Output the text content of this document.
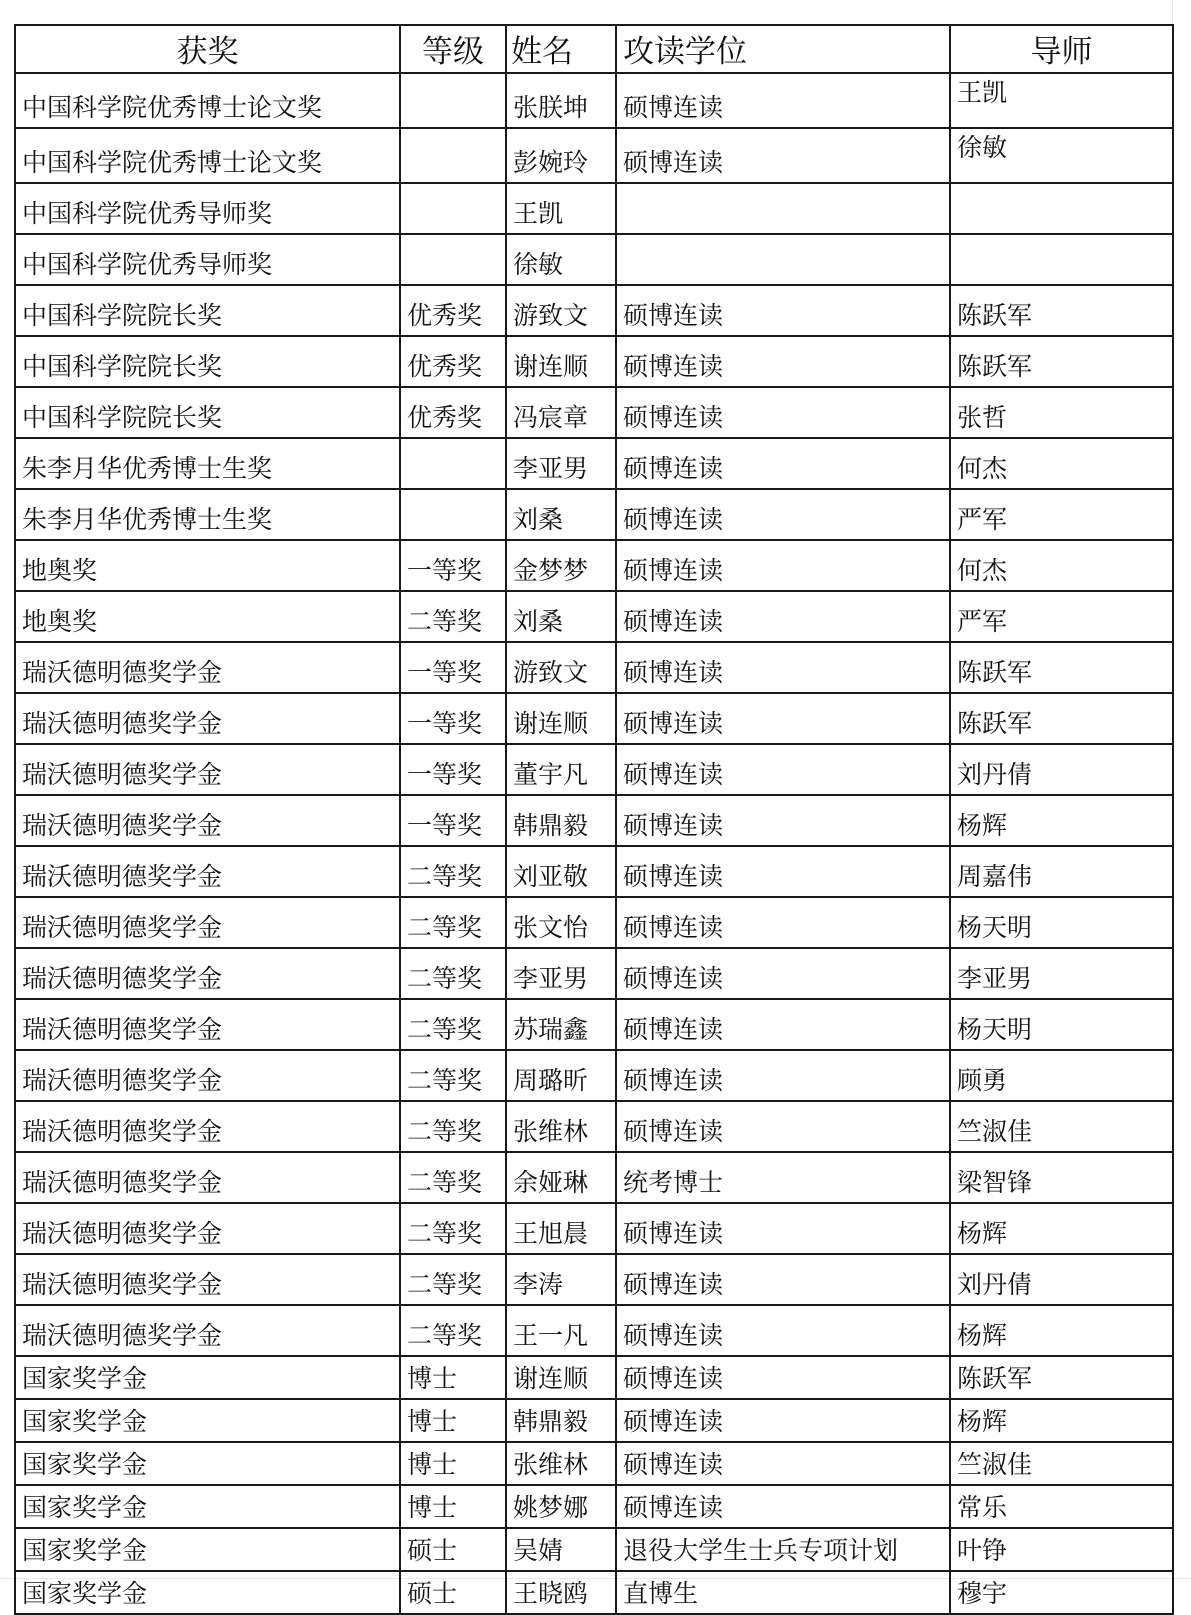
获奖	等级	姓名	攻读学位	导师
中国科学院优秀博士论文奖		张朕坤	硕博连读	王凯
中国科学院优秀博士论文奖		彭婉玲	硕博连读	徐敏
中国科学院优秀导师奖		王凯		
中国科学院优秀导师奖		徐敏		
中国科学院院长奖	优秀奖	游致文	硕博连读	陈跃军
中国科学院院长奖	优秀奖	谢连顺	硕博连读	陈跃军
中国科学院院长奖	优秀奖	冯宸章	硕博连读	张哲
朱李月华优秀博士生奖		李亚男	硕博连读	何杰
朱李月华优秀博士生奖		刘桑	硕博连读	严军
地奥奖	一等奖	金梦梦	硕博连读	何杰
地奥奖	二等奖	刘桑	硕博连读	严军
瑞沃德明德奖学金	一等奖	游致文	硕博连读	陈跃军
瑞沃德明德奖学金	一等奖	谢连顺	硕博连读	陈跃军
瑞沃德明德奖学金	一等奖	董宇凡	硕博连读	刘丹倩
瑞沃德明德奖学金	一等奖	韩鼎毅	硕博连读	杨辉
瑞沃德明德奖学金	二等奖	刘亚敬	硕博连读	周嘉伟
瑞沃德明德奖学金	二等奖	张文怡	硕博连读	杨天明
瑞沃德明德奖学金	二等奖	李亚男	硕博连读	李亚男
瑞沃德明德奖学金	二等奖	苏瑞鑫	硕博连读	杨天明
瑞沃德明德奖学金	二等奖	周璐昕	硕博连读	顾勇
瑞沃德明德奖学金	二等奖	张维林	硕博连读	竺淑佳
瑞沃德明德奖学金	二等奖	余娅琳	统考博士	梁智锋
瑞沃德明德奖学金	二等奖	王旭晨	硕博连读	杨辉
瑞沃德明德奖学金	二等奖	李涛	硕博连读	刘丹倩
瑞沃德明德奖学金	二等奖	王一凡	硕博连读	杨辉
国家奖学金	博士	谢连顺	硕博连读	陈跃军
国家奖学金	博士	韩鼎毅	硕博连读	杨辉
国家奖学金	博士	张维林	硕博连读	竺淑佳
国家奖学金	博士	姚梦娜	硕博连读	常乐
国家奖学金	硕士	吴婧	退役大学生士兵专项计划	叶铮
国家奖学金	硕士	王晓鸥	直博生	穆宇
